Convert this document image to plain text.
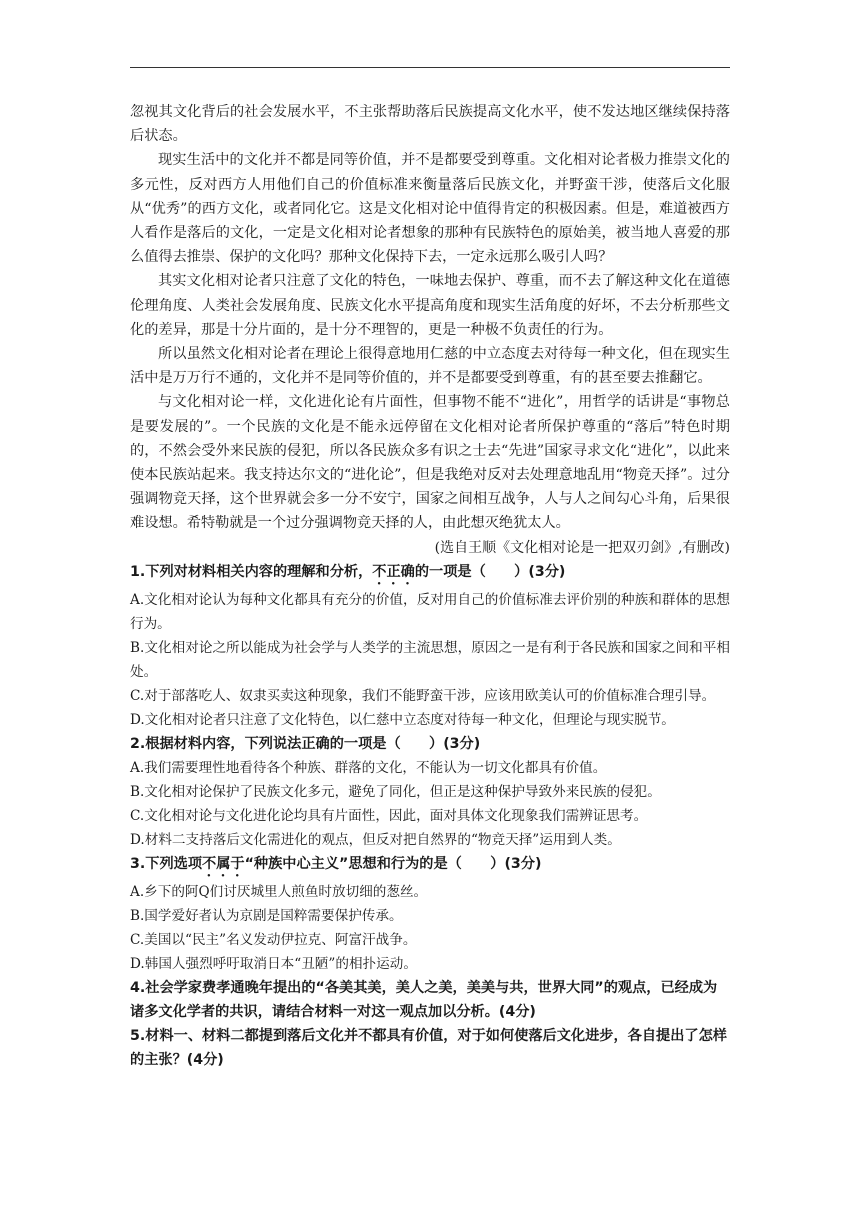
忽视其文化背后的社会发展水平，不主张帮助落后民族提高文化水平，使不发达地区继续保持落后状态。

现实生活中的文化并不都是同等价值，并不是都要受到尊重。文化相对论者极力推崇文化的多元性，反对西方人用他们自己的价值标准来衡量落后民族文化，并野蛮干涉，使落后文化服从“优秀”的西方文化，或者同化它。这是文化相对论中值得肯定的积极因素。但是，难道被西方人看作是落后的文化，一定是文化相对论者想象的那种有民族特色的原始美，被当地人喜爱的那么值得去推崇、保护的文化吗？那种文化保持下去，一定永远那么吸引人吗？

其实文化相对论者只注意了文化的特色，一味地去保护、尊重，而不去了解这种文化在道德伦理角度、人类社会发展角度、民族文化水平提高角度和现实生活角度的好坏，不去分析那些文化的差异，那是十分片面的，是十分不理智的，更是一种极不负责任的行为。

所以虽然文化相对论者在理论上很得意地用仁慈的中立态度去对待每一种文化，但在现实生活中是万万行不通的，文化并不是同等价值的，并不是都要受到尊重，有的甚至要去推翻它。

与文化相对论一样，文化进化论有片面性，但事物不能不“进化”，用哲学的话讲是“事物总是要发展的”。一个民族的文化是不能永远停留在文化相对论者所保护尊重的“落后”特色时期的，不然会受外来民族的侵犯，所以各民族众多有识之士去“先进”国家寻求文化“进化”，以此来使本民族站起来。我支持达尔文的“进化论”，但是我绝对反对去处理意地乱用“物竞天择”。过分强调物竞天择，这个世界就会多一分不安宁，国家之间相互战争，人与人之间勾心斗角，后果很难设想。希特勒就是一个过分强调物竞天择的人，由此想灭绝犹太人。

(选自王顺《文化相对论是一把双刃剑》,有删改)

1.下列对材料相关内容的理解和分析，不正确的一项是（　　）(3分)

A.文化相对论认为每种文化都具有充分的价值，反对用自己的价值标准去评价别的种族和群体的思想行为。

B.文化相对论之所以能成为社会学与人类学的主流思想，原因之一是有利于各民族和国家之间和平相处。

C.对于部落吃人、奴隶买卖这种现象，我们不能野蛮干涉，应该用欧美认可的价值标准合理引导。

D.文化相对论者只注意了文化特色，以仁慈中立态度对待每一种文化，但理论与现实脱节。

2.根据材料内容，下列说法正确的一项是（　　）(3分)

A.我们需要理性地看待各个种族、群落的文化，不能认为一切文化都具有价值。

B.文化相对论保护了民族文化多元，避免了同化，但正是这种保护导致外来民族的侵犯。

C.文化相对论与文化进化论均具有片面性，因此，面对具体文化现象我们需辨证思考。

D.材料二支持落后文化需进化的观点，但反对把自然界的“物竞天择”运用到人类。

3.下列选项不属于“种族中心主义”思想和行为的是（　　）(3分)

A.乡下的阿Q们讨厌城里人煎鱼时放切细的葱丝。

B.国学爱好者认为京剧是国粹需要保护传承。

C.美国以“民主”名义发动伊拉克、阿富汗战争。

D.韩国人强烈呼吁取消日本“丑陋”的相扑运动。

4.社会学家费孝通晚年提出的“各美其美，美人之美，美美与共，世界大同”的观点，已经成为诸多文化学者的共识，请结合材料一对这一观点加以分析。(4分)

5.材料一、材料二都提到落后文化并不都具有价值，对于如何使落后文化进步，各自提出了怎样的主张？(4分)
